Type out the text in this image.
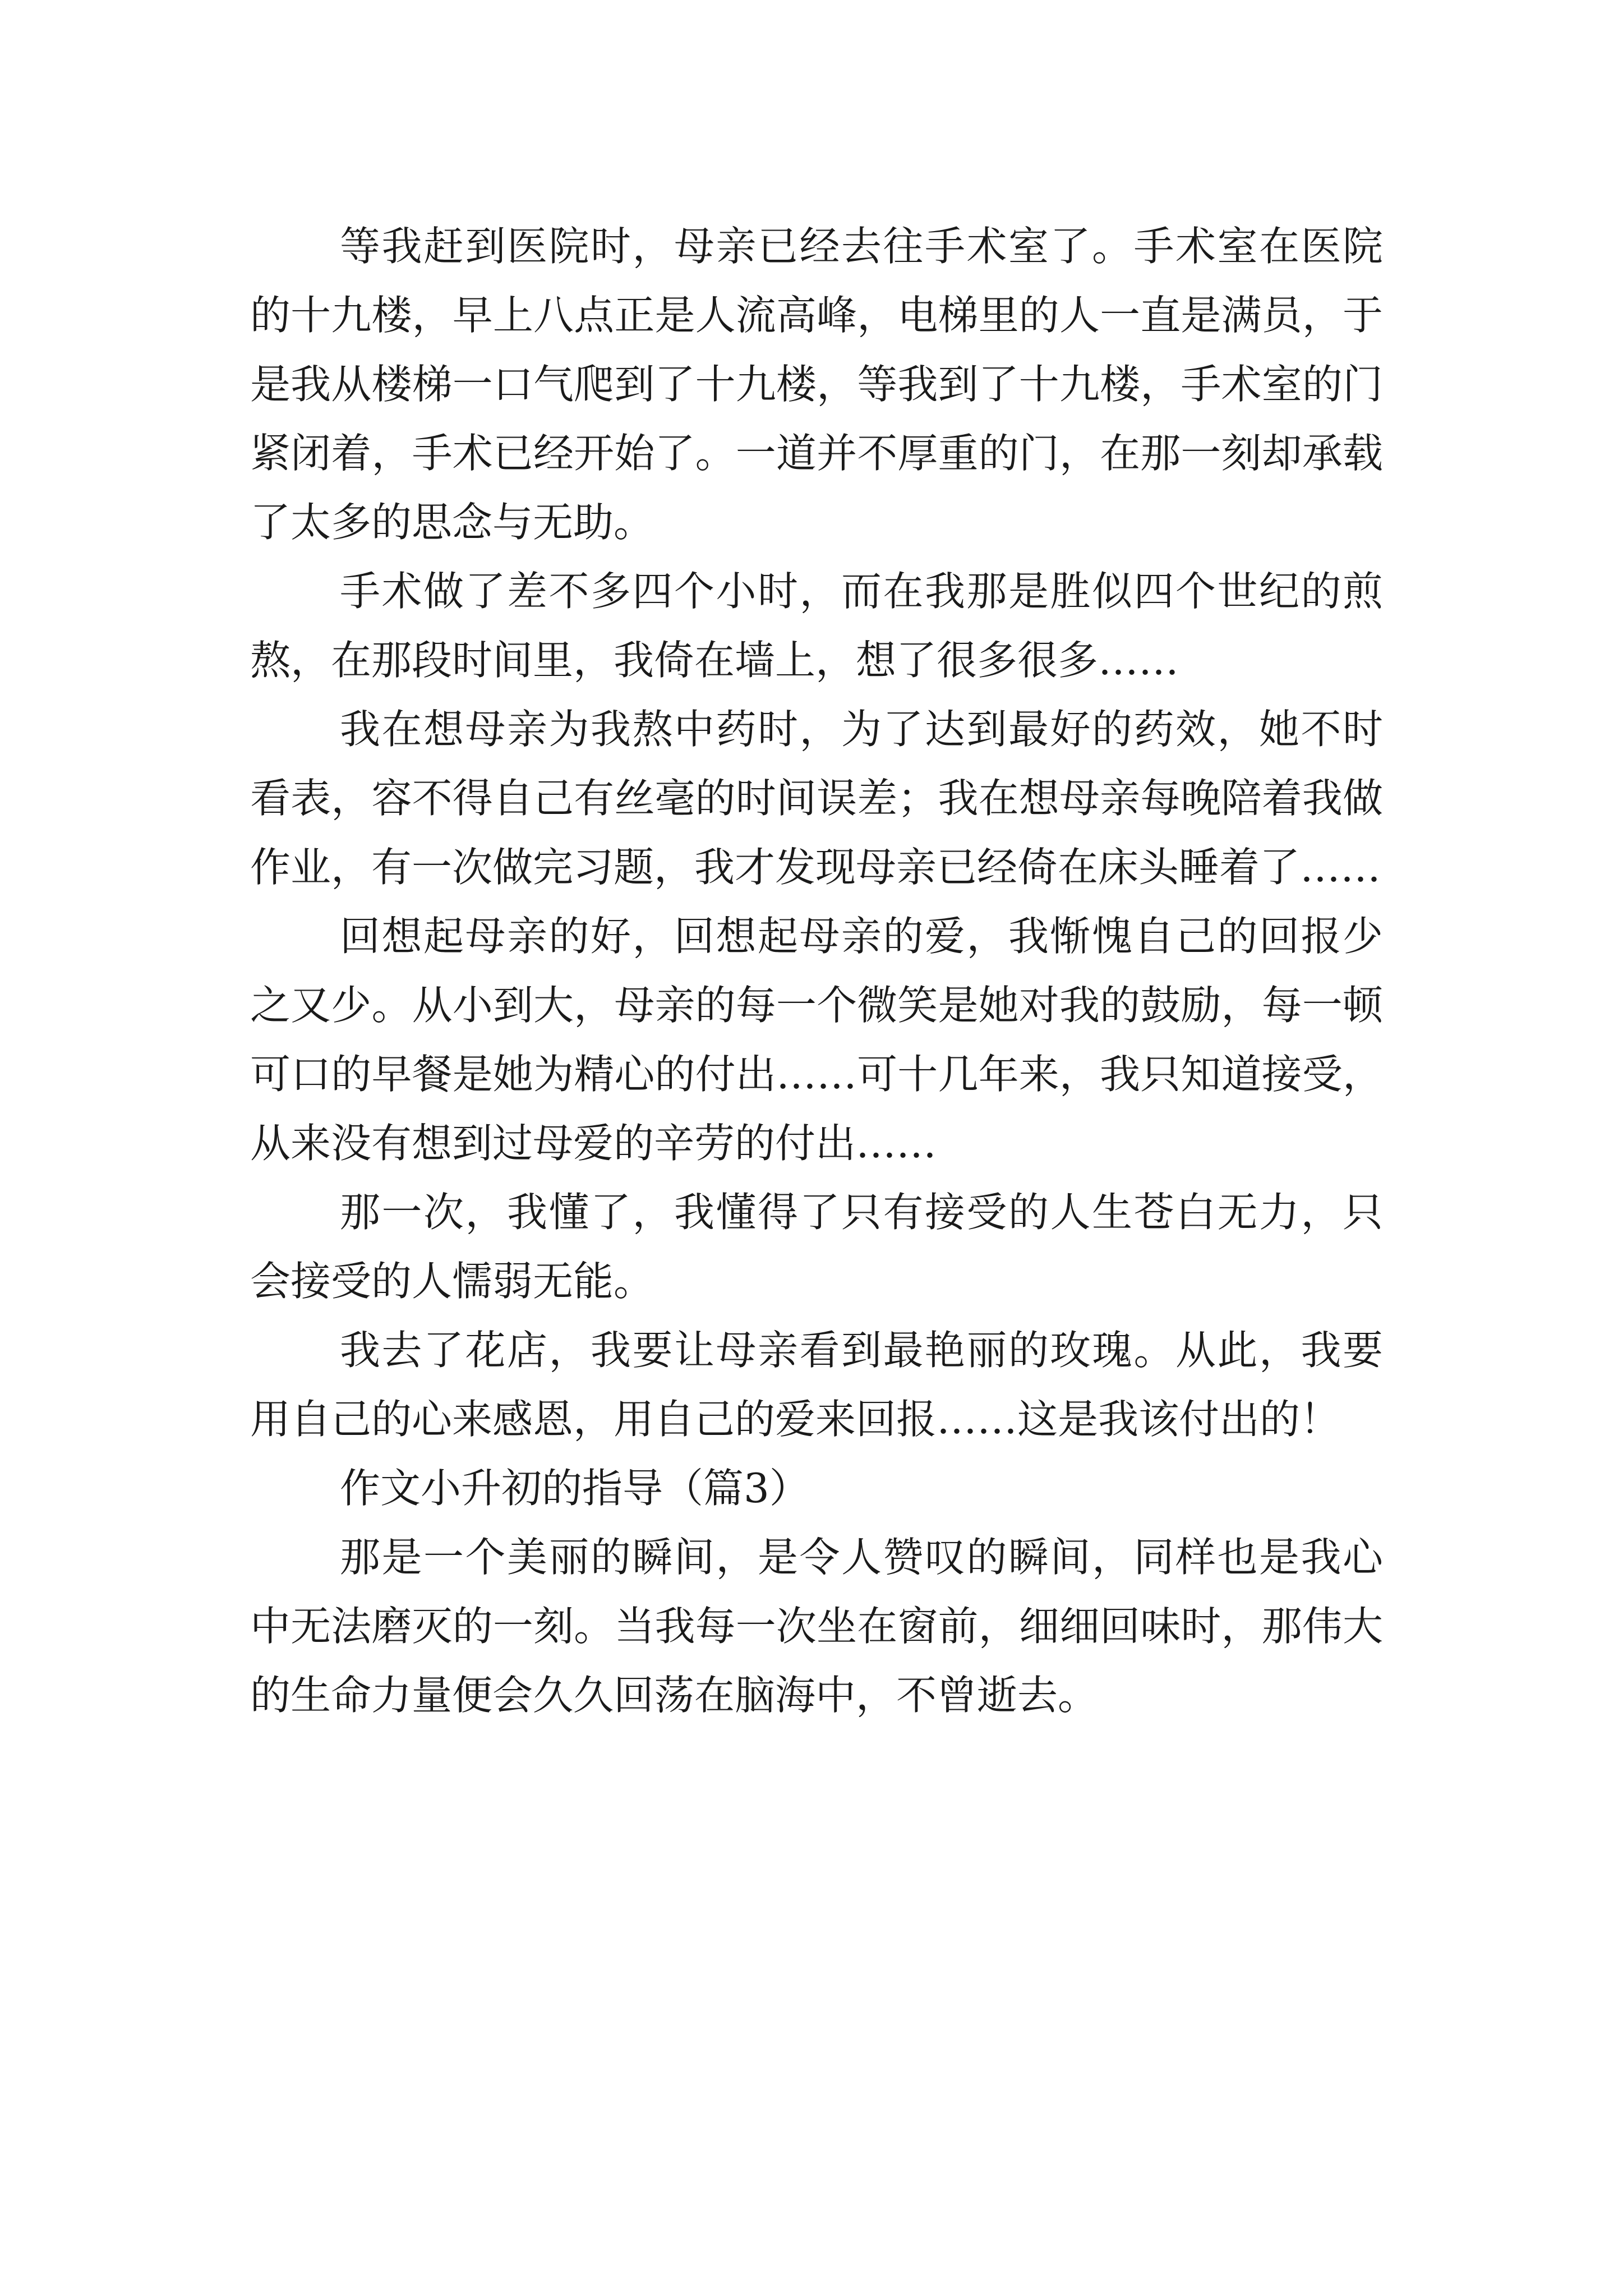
等我赶到医院时，母亲已经去往手术室了。手术室在医院的十九楼，早上八点正是人流高峰，电梯里的人一直是满员，于是我从楼梯一口气爬到了十九楼，等我到了十九楼，手术室的门紧闭着，手术已经开始了。一道并不厚重的门，在那一刻却承载了太多的思念与无助。

手术做了差不多四个小时，而在我那是胜似四个世纪的煎熬，在那段时间里，我倚在墙上，想了很多很多……

我在想母亲为我熬中药时，为了达到最好的药效，她不时看表，容不得自己有丝毫的时间误差；我在想母亲每晚陪着我做作业，有一次做完习题，我才发现母亲已经倚在床头睡着了……

回想起母亲的好，回想起母亲的爱，我惭愧自己的回报少之又少。从小到大，母亲的每一个微笑是她对我的鼓励，每一顿可口的早餐是她为精心的付出……可十几年来，我只知道接受，从来没有想到过母爱的辛劳的付出……

那一次，我懂了，我懂得了只有接受的人生苍白无力，只会接受的人懦弱无能。

我去了花店，我要让母亲看到最艳丽的玫瑰。从此，我要用自己的心来感恩，用自己的爱来回报……这是我该付出的！

作文小升初的指导（篇3）

那是一个美丽的瞬间，是令人赞叹的瞬间，同样也是我心中无法磨灭的一刻。当我每一次坐在窗前，细细回味时，那伟大的生命力量便会久久回荡在脑海中，不曾逝去。
